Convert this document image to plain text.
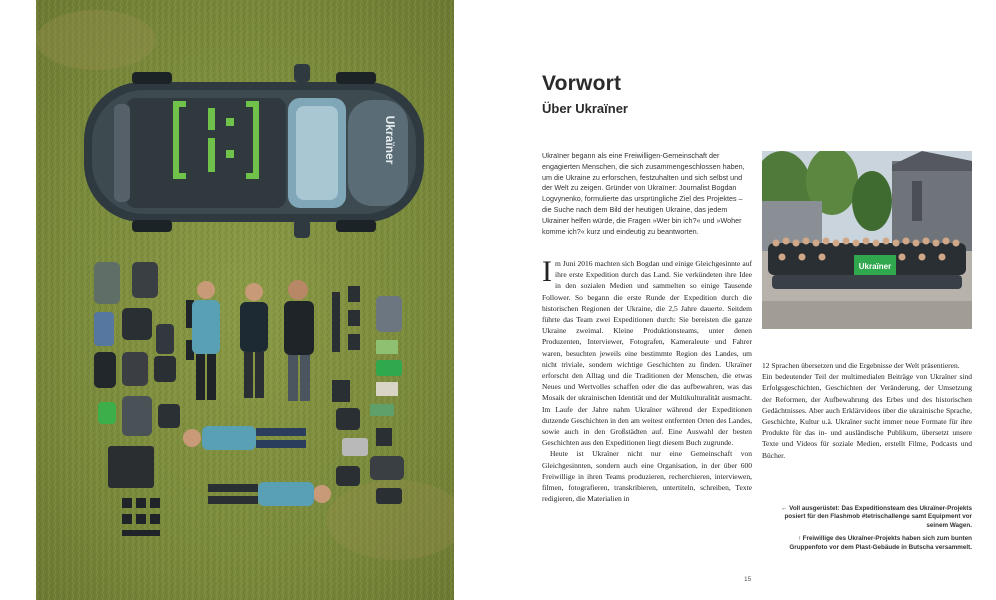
Ukraïner
Vorwort
Über Ukraïner
Ukraïner begann als eine Freiwilligen-Gemeinschaft der engagierten Menschen, die sich zusammengeschlossen haben, um die Ukraine zu erforschen, festzuhalten und sich selbst und der Welt zu zeigen. Gründer von Ukraïner: Journalist Bogdan Logvynenko, formulierte das ursprüngliche Ziel des Projektes – die Suche nach dem Bild der heutigen Ukraine, das jedem Ukrainer helfen würde, die Fragen »Wer bin ich?« und »Woher komme ich?« kurz und eindeutig zu beantworten.

Im Juni 2016 machten sich Bogdan und einige Gleichgesinnte auf ihre erste Expedition durch das Land. Sie verkündeten ihre Idee in den sozialen Medien und sammelten so einige Tausende Follower. So begann die erste Runde der Expedition durch die historischen Regionen der Ukraine, die 2,5 Jahre dauerte. Seitdem führte das Team zwei Expeditionen durch: Sie bereisten die ganze Ukraine zweimal. Kleine Produktionsteams, unter denen Produzenten, Interviewer, Fotografen, Kameraleute und Fahrer waren, besuchten jeweils eine bestimmte Region des Landes, um nicht triviale, sondern wichtige Geschichten zu finden. Ukraïner erforscht den Alltag und die Traditionen der Menschen, die etwas Neues und Wertvolles schaffen oder die das aufbewahren, was das Mosaik der ukrainischen Identität und der Multikulturalität ausmacht. Im Laufe der Jahre nahm Ukraïner während der Expeditionen dutzende Geschichten in den am weitest entfernten Orten des Landes, sowie auch in den Großstädten auf. Eine Auswahl der besten Geschichten aus den Expeditionen liegt diesem Buch zugrunde.

Heute ist Ukraïner nicht nur eine Gemeinschaft von Gleichgesinnten, sondern auch eine Organisation, in der über 600 Freiwillige in ihren Teams produzieren, recherchieren, interviewen, filmen, fotografieren, transkribieren, untertiteln, schreiben, Texte redigieren, die Materialien in

Ukraïner

12 Sprachen übersetzen und die Ergebnisse der Welt präsentieren.

Ein bedeutender Teil der multimedialen Beiträge von Ukraïner sind Erfolgsgeschichten, Geschichten der Veränderung, der Umsetzung der Reformen, der Aufbewahrung des Erbes und des historischen Gedächtnisses. Aber auch Erklärvideos über die ukrainische Sprache, Geschichte, Kultur u.ä. Ukraïner sucht immer neue Formate für ihre Produkte für das in- und ausländische Publikum, übersetzt unsere Texte und Videos für soziale Medien, erstellt Filme, Podcasts und Bücher.

← Voll ausgerüstet: Das Expeditionsteam des Ukraïner-Projekts posiert für den Flashmob #tetrischallenge samt Equipment vor seinem Wagen.

↑ Freiwillige des Ukraïner-Projekts haben sich zum bunten Gruppenfoto vor dem Plast-Gebäude in Butscha versammelt.

15
